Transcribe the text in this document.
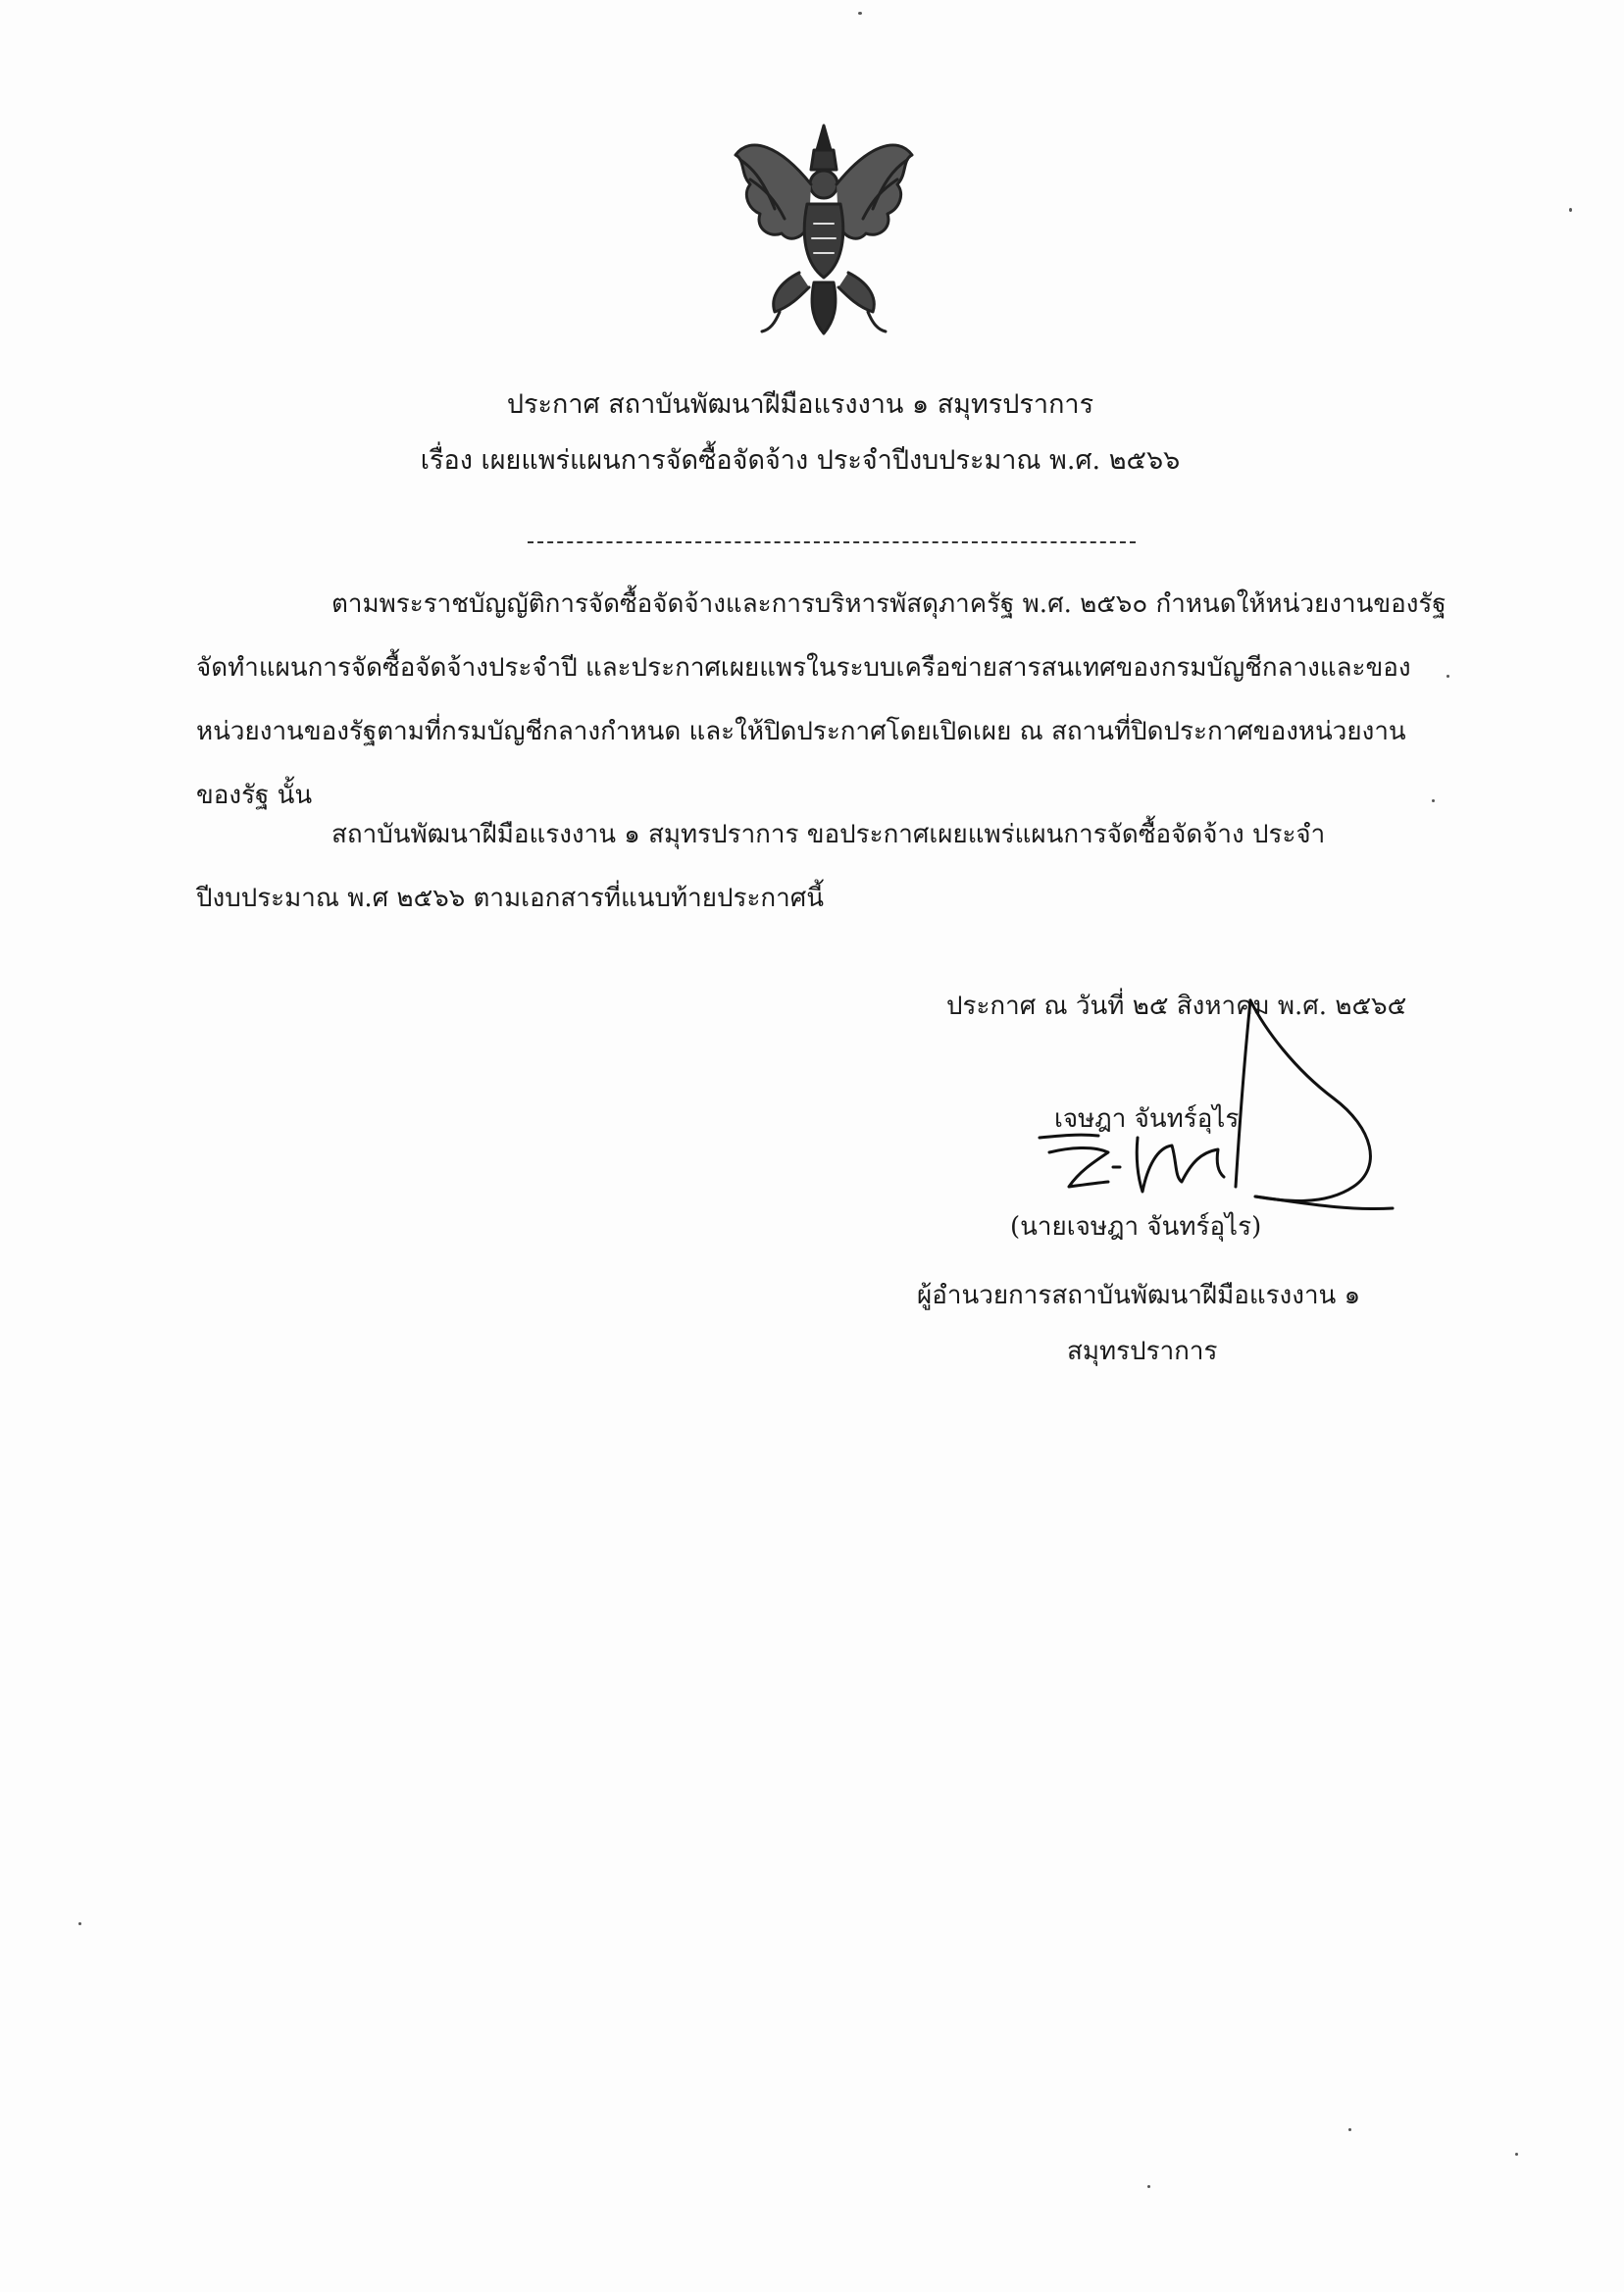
ประกาศ สถาบันพัฒนาฝีมือแรงงาน ๑ สมุทรปราการ
เรื่อง เผยแพร่แผนการจัดซื้อจัดจ้าง ประจำปีงบประมาณ พ.ศ. ๒๕๖๖
ตามพระราชบัญญัติการจัดซื้อจัดจ้างและการบริหารพัสดุภาครัฐ พ.ศ. ๒๕๖๐ กำหนดให้หน่วยงานของรัฐ
จัดทำแผนการจัดซื้อจัดจ้างประจำปี และประกาศเผยแพรในระบบเครือข่ายสารสนเทศของกรมบัญชีกลางและของ
หน่วยงานของรัฐตามที่กรมบัญชีกลางกำหนด และให้ปิดประกาศโดยเปิดเผย ณ สถานที่ปิดประกาศของหน่วยงาน
ของรัฐ นั้น
สถาบันพัฒนาฝีมือแรงงาน ๑ สมุทรปราการ ขอประกาศเผยแพร่แผนการจัดซื้อจัดจ้าง ประจำ
ปีงบประมาณ พ.ศ ๒๕๖๖ ตามเอกสารที่แนบท้ายประกาศนี้
ประกาศ ณ วันที่ ๒๕ สิงหาคม พ.ศ. ๒๕๖๕
เจษฎา จันทร์อุไร
(นายเจษฎา จันทร์อุไร)
ผู้อำนวยการสถาบันพัฒนาฝีมือแรงงาน ๑
สมุทรปราการ
